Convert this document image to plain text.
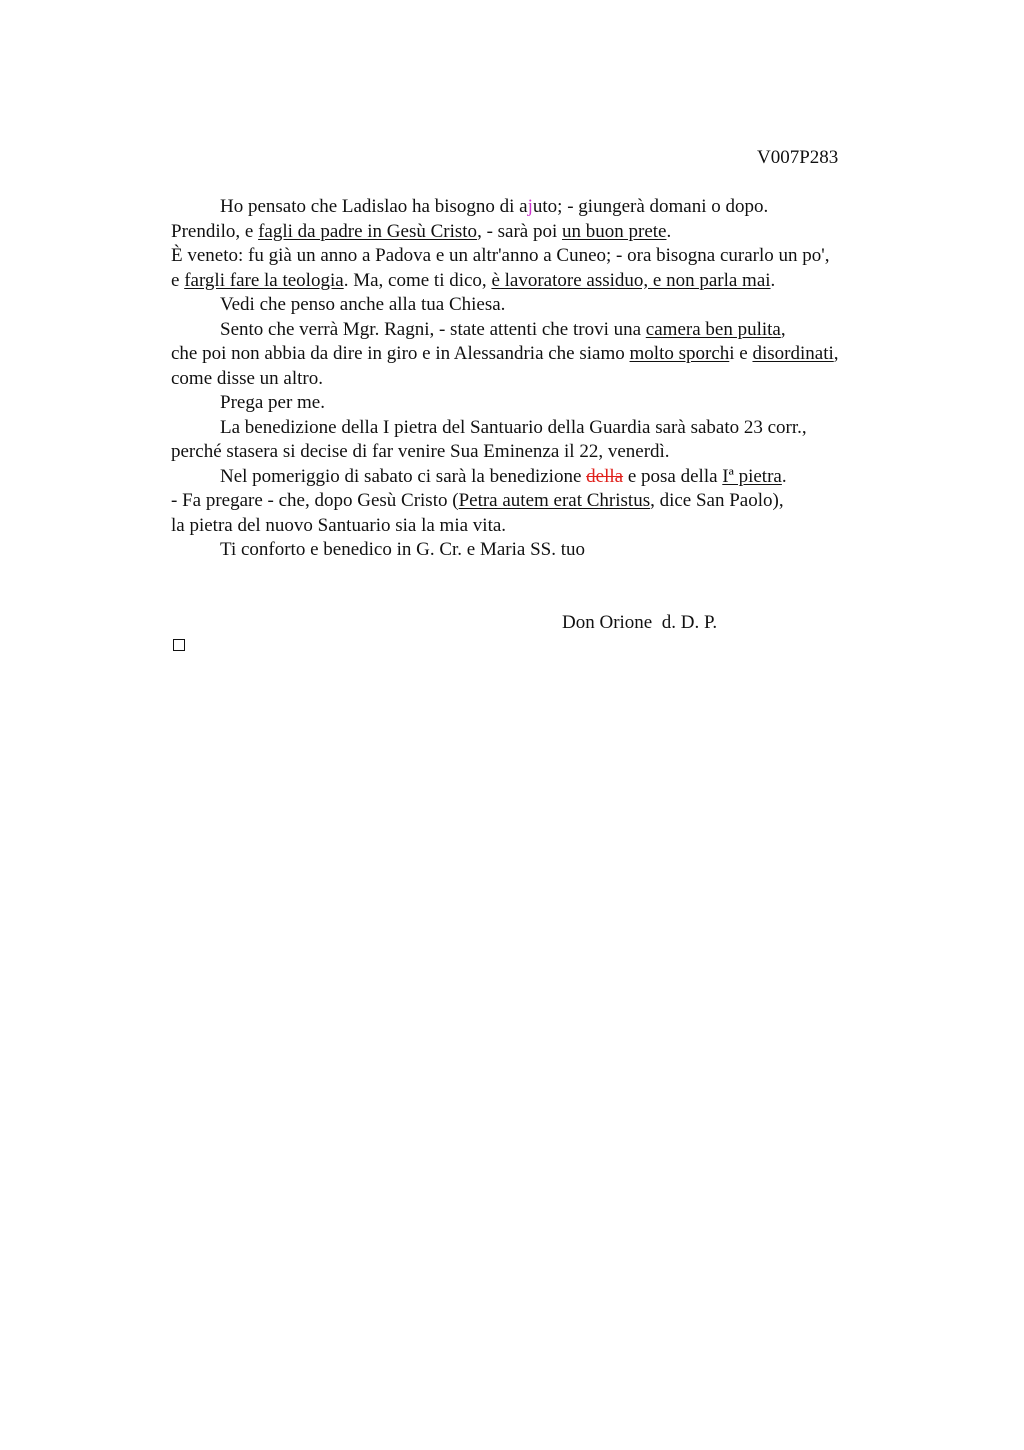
V007P283
Ho pensato che Ladislao ha bisogno di ajuto; - giungerà domani o dopo.
Prendilo, e fagli da padre in Gesù Cristo, - sarà poi un buon prete.
È veneto: fu già un anno a Padova e un altr'anno a Cuneo; - ora bisogna curarlo un po',
e fargli fare la teologia. Ma, come ti dico, è lavoratore assiduo, e non parla mai.
Vedi che penso anche alla tua Chiesa.
Sento che verrà Mgr. Ragni, - state attenti che trovi una camera ben pulita,
che poi non abbia da dire in giro e in Alessandria che siamo molto sporchi e disordinati,
come disse un altro.
Prega per me.
La benedizione della I pietra del Santuario della Guardia sarà sabato 23 corr.,
perché stasera si decise di far venire Sua Eminenza il 22, venerdì.
Nel pomeriggio di sabato ci sarà la benedizione della e posa della Iª pietra.
- Fa pregare - che, dopo Gesù Cristo (Petra autem erat Christus, dice San Paolo),
la pietra del nuovo Santuario sia la mia vita.
Ti conforto e benedico in G. Cr. e Maria SS. tuo
Don Orione  d. D. P.
